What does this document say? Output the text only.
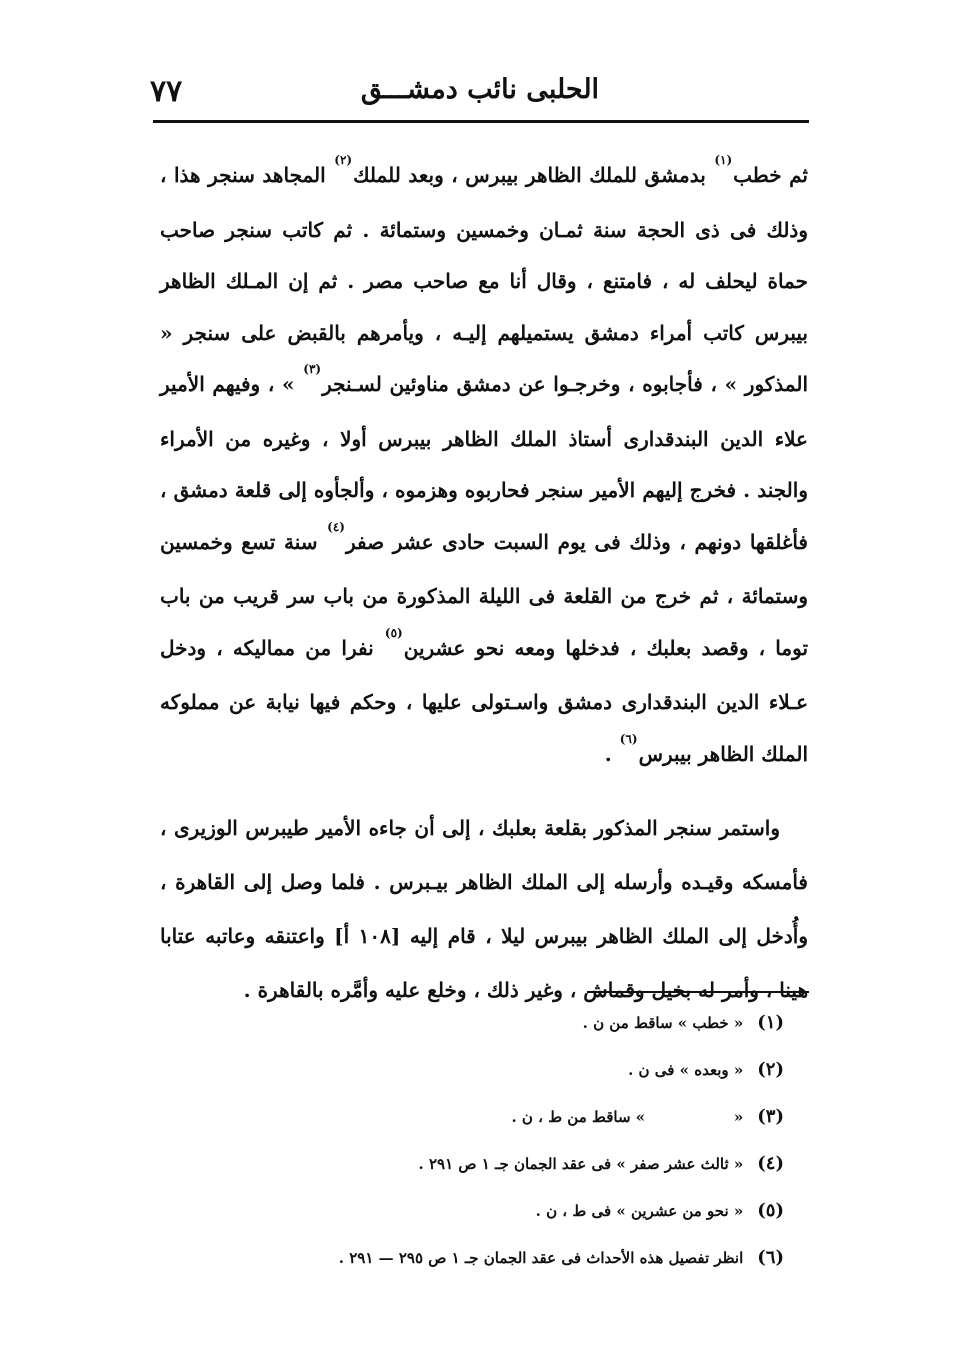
الحلبى نائب دمشـــق
٧٧

ثم خطب$^{(١)}$ بدمشق للملك الظاهر بيبرس ، وبعد للملك$^{(٢)}$ المجاهد سنجر هذا ، وذلك فى ذى الحجة سنة ثمـان وخمسين وستمائة . ثم كاتب سنجر صاحب حماة ليحلف له ، فامتنع ، وقال أنا مع صاحب مصر . ثم إن المـلك الظاهر بيبرس كاتب أمراء دمشق يستميلهم إليـه ، ويأمرهم بالقبض على سنجر « المذكور » ، فأجابوه ، وخرجـوا عن دمشق مناوئين لسـنجر$^{(٣)}$ » ، وفيهم الأمير علاء الدين البندقدارى أستاذ الملك الظاهر بيبرس أولا ، وغيره من الأمراء والجند . فخرج إليهم الأمير سنجر فحاربوه وهزموه ، وألجأوه إلى قلعة دمشق ، فأغلقها دونهم ، وذلك فى يوم السبت حادى عشر صفر$^{(٤)}$ سنة تسع وخمسين وستمائة ، ثم خرج من القلعة فى الليلة المذكورة من باب سر قريب من باب توما ، وقصد بعلبك ، فدخلها ومعه نحو عشرين$^{(٥)}$ نفرا من مماليكه ، ودخل عـلاء الدين البندقدارى دمشق واسـتولى عليها ، وحكم فيها نيابة عن مملوكه الملك الظاهر بيبرس$^{(٦)}$ .

واستمر سنجر المذكور بقلعة بعلبك ، إلى أن جاءه الأمير طيبرس الوزيرى ، فأمسكه وقيـده وأرسله إلى الملك الظاهر بيـبرس . فلما وصل إلى القاهرة ، وأُدخل إلى الملك الظاهر بيبرس ليلا ، قام إليه [١٠٨ أ] واعتنقه وعاتبه عتابا هينا ، وأمر له بخيل وقماش ، وغير ذلك ، وخلع عليه وأمَّره بالقاهرة .

(١)« خطب » ساقط من ن .
(٢)« وبعده » فى ن .
(٣)«                 » ساقط من ط ، ن .
(٤)« ثالث عشر صفر » فى عقد الجمان جـ ١ ص ٢٩١ .
(٥)« نحو من عشرين » فى ط ، ن .
(٦)انظر تفصيل هذه الأحداث فى عقد الجمان جـ ١ ص ٢٩٥ — ٢٩١ .
